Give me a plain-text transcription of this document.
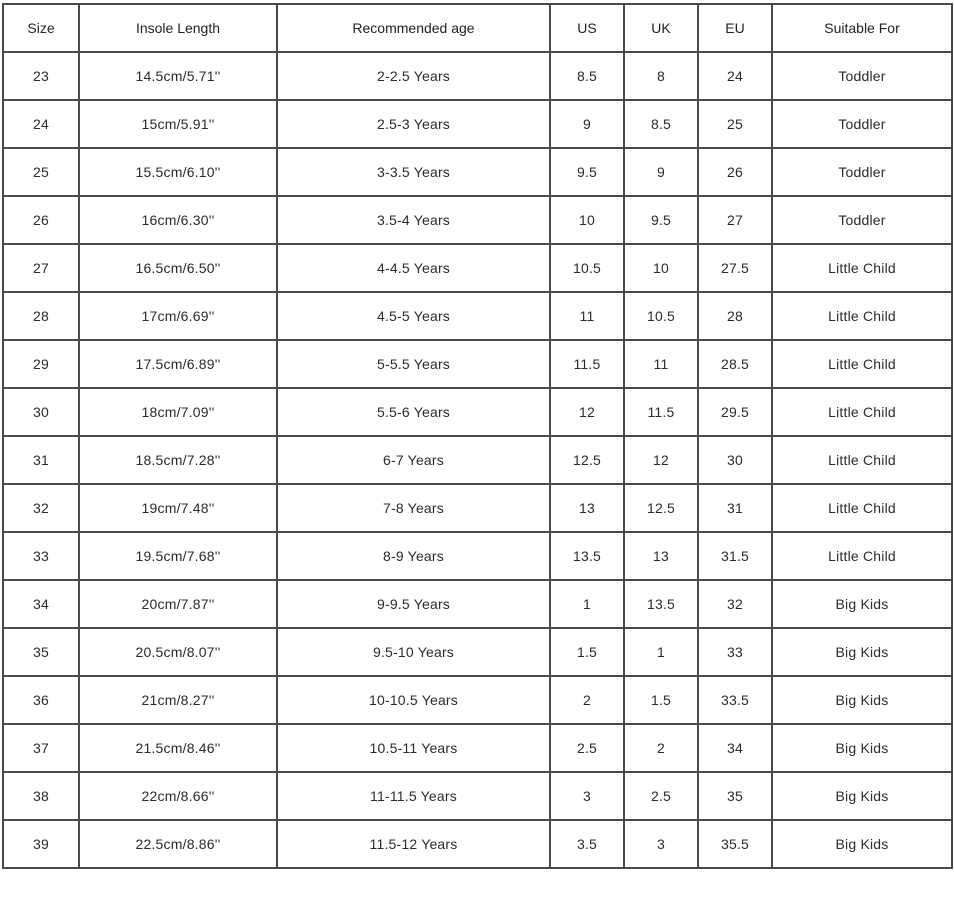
Size	Insole Length	Recommended age	US	UK	EU	Suitable For
23	14.5cm/5.71''	2-2.5 Years	8.5	8	24	Toddler
24	15cm/5.91''	2.5-3 Years	9	8.5	25	Toddler
25	15.5cm/6.10''	3-3.5 Years	9.5	9	26	Toddler
26	16cm/6.30''	3.5-4 Years	10	9.5	27	Toddler
27	16.5cm/6.50''	4-4.5 Years	10.5	10	27.5	Little Child
28	17cm/6.69''	4.5-5 Years	11	10.5	28	Little Child
29	17.5cm/6.89''	5-5.5 Years	11.5	11	28.5	Little Child
30	18cm/7.09''	5.5-6 Years	12	11.5	29.5	Little Child
31	18.5cm/7.28''	6-7 Years	12.5	12	30	Little Child
32	19cm/7.48''	7-8 Years	13	12.5	31	Little Child
33	19.5cm/7.68''	8-9 Years	13.5	13	31.5	Little Child
34	20cm/7.87''	9-9.5 Years	1	13.5	32	Big Kids
35	20.5cm/8.07''	9.5-10 Years	1.5	1	33	Big Kids
36	21cm/8.27''	10-10.5 Years	2	1.5	33.5	Big Kids
37	21.5cm/8.46''	10.5-11 Years	2.5	2	34	Big Kids
38	22cm/8.66''	11-11.5 Years	3	2.5	35	Big Kids
39	22.5cm/8.86''	11.5-12 Years	3.5	3	35.5	Big Kids
